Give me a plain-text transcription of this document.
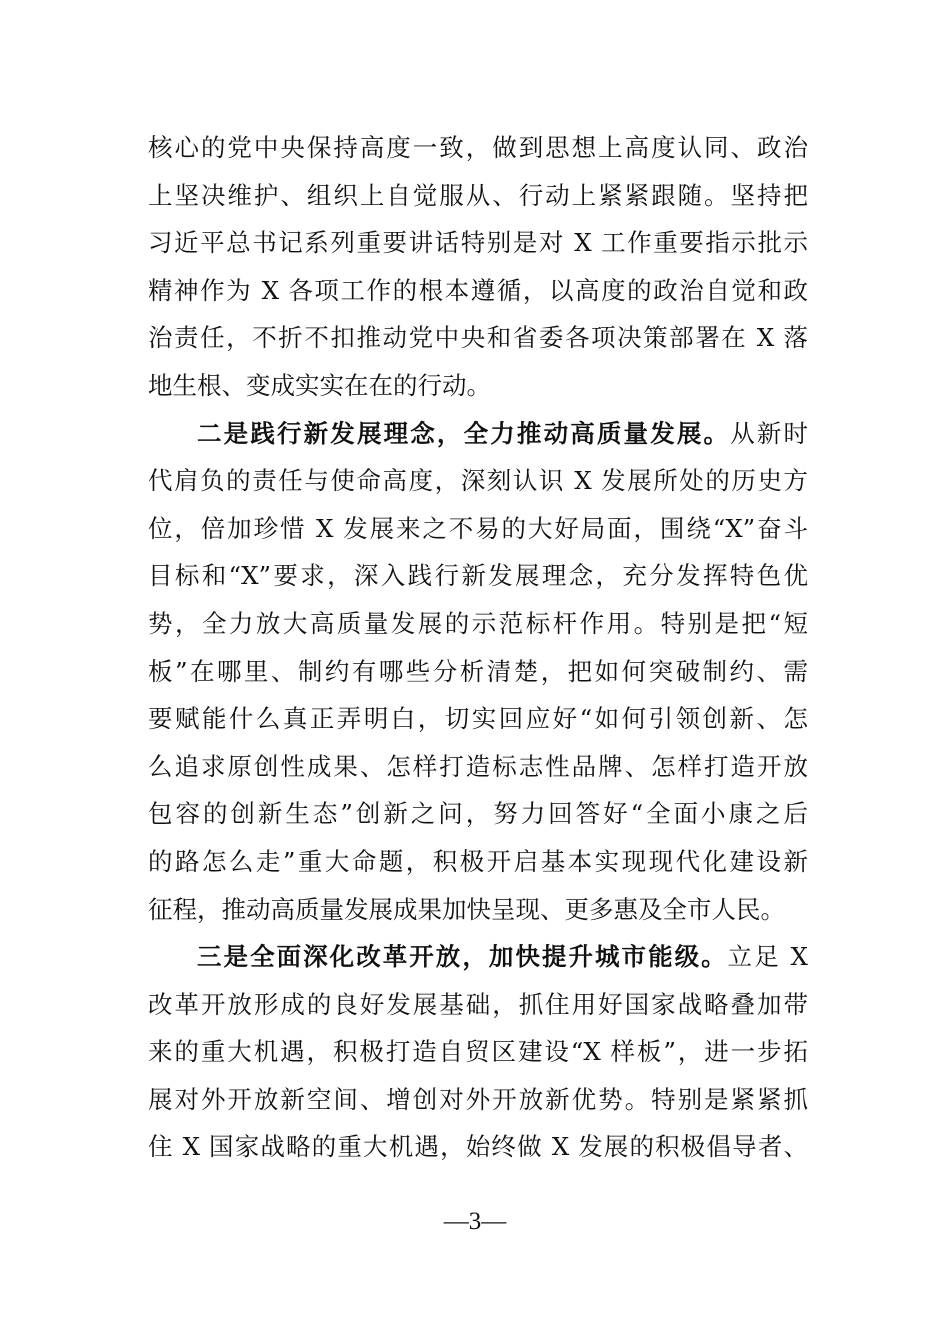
核心的党中央保持高度一致，做到思想上高度认同、政治
上坚决维护、组织上自觉服从、行动上紧紧跟随。坚持把
习近平总书记系列重要讲话特别是对 X 工作重要指示批示
精神作为 X 各项工作的根本遵循，以高度的政治自觉和政
治责任，不折不扣推动党中央和省委各项决策部署在 X 落
地生根、变成实实在在的行动。
二是践行新发展理念，全力推动高质量发展。从新时
代肩负的责任与使命高度，深刻认识 X 发展所处的历史方
位，倍加珍惜 X 发展来之不易的大好局面，围绕“X”奋斗
目标和“X”要求，深入践行新发展理念，充分发挥特色优
势，全力放大高质量发展的示范标杆作用。特别是把“短
板”在哪里、制约有哪些分析清楚，把如何突破制约、需
要赋能什么真正弄明白，切实回应好“如何引领创新、怎
么追求原创性成果、怎样打造标志性品牌、怎样打造开放
包容的创新生态”创新之问，努力回答好“全面小康之后
的路怎么走”重大命题，积极开启基本实现现代化建设新
征程，推动高质量发展成果加快呈现、更多惠及全市人民。
三是全面深化改革开放，加快提升城市能级。立足 X
改革开放形成的良好发展基础，抓住用好国家战略叠加带
来的重大机遇，积极打造自贸区建设“X 样板”，进一步拓
展对外开放新空间、增创对外开放新优势。特别是紧紧抓
住 X 国家战略的重大机遇，始终做 X 发展的积极倡导者、
—3—
